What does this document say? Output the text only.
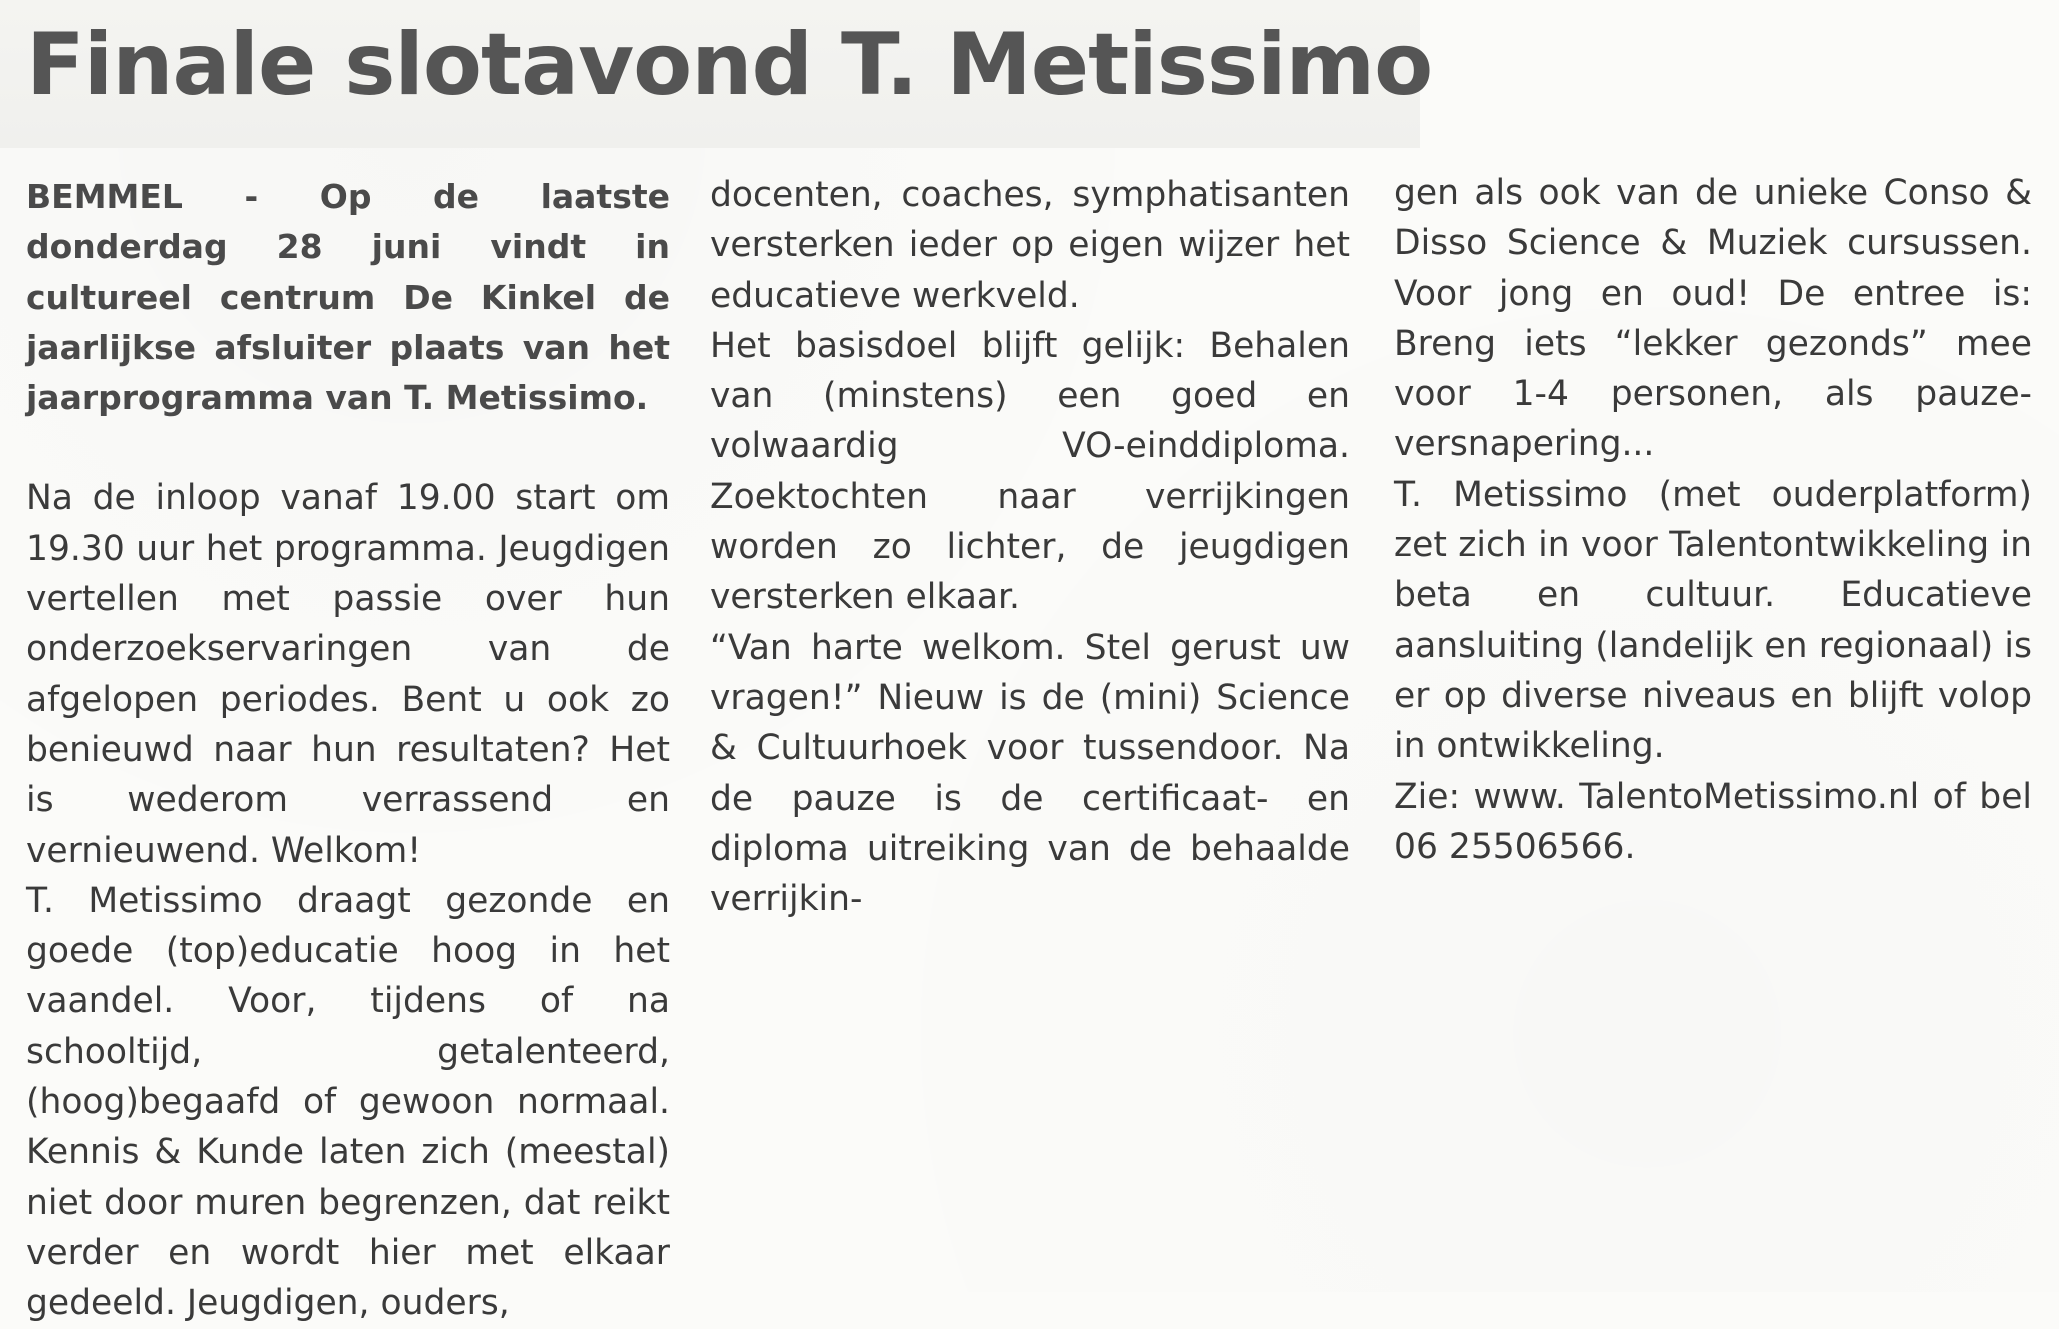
Finale slotavond T. Metissimo

BEMMEL - Op de laatste donderdag 28 juni vindt in cultureel centrum De Kinkel de jaarlijkse afsluiter plaats van het jaarprogramma van T. Metissimo.

Na de inloop vanaf 19.00 start om 19.30 uur het programma. Jeugdigen vertellen met passie over hun onderzoekservaringen van de afgelopen periodes. Bent u ook zo benieuwd naar hun resultaten? Het is wederom verrassend en vernieuwend. Welkom!

T. Metissimo draagt gezonde en goede (top)educatie hoog in het vaandel. Voor, tijdens of na schooltijd, getalenteerd, (hoog)begaafd of gewoon normaal. Kennis & Kunde laten zich (meestal) niet door muren begrenzen, dat reikt verder en wordt hier met elkaar gedeeld. Jeugdigen, ouders,

docenten, coaches, symphatisanten versterken ieder op eigen wijzer het educatieve werkveld.

Het basisdoel blijft gelijk: Behalen van (minstens) een goed en volwaardig VO-einddiploma. Zoektochten naar verrijkingen worden zo lichter, de jeugdigen versterken elkaar.

“Van harte welkom. Stel gerust uw vragen!” Nieuw is de (mini) Science & Cultuurhoek voor tussendoor. Na de pauze is de certificaat- en diploma uitreiking van de behaalde verrijkin-

gen als ook van de unieke Conso & Disso Science & Muziek cursussen. Voor jong en oud! De entree is: Breng iets “lekker gezonds” mee voor 1-4 personen, als pauze-versnapering...

T. Metissimo (met ouderplatform) zet zich in voor Talentontwikkeling in beta en cultuur. Educatieve aansluiting (landelijk en regionaal) is er op diverse niveaus en blijft volop in ontwikkeling.

Zie: www. TalentoMetissimo.nl of bel 06 25506566.
